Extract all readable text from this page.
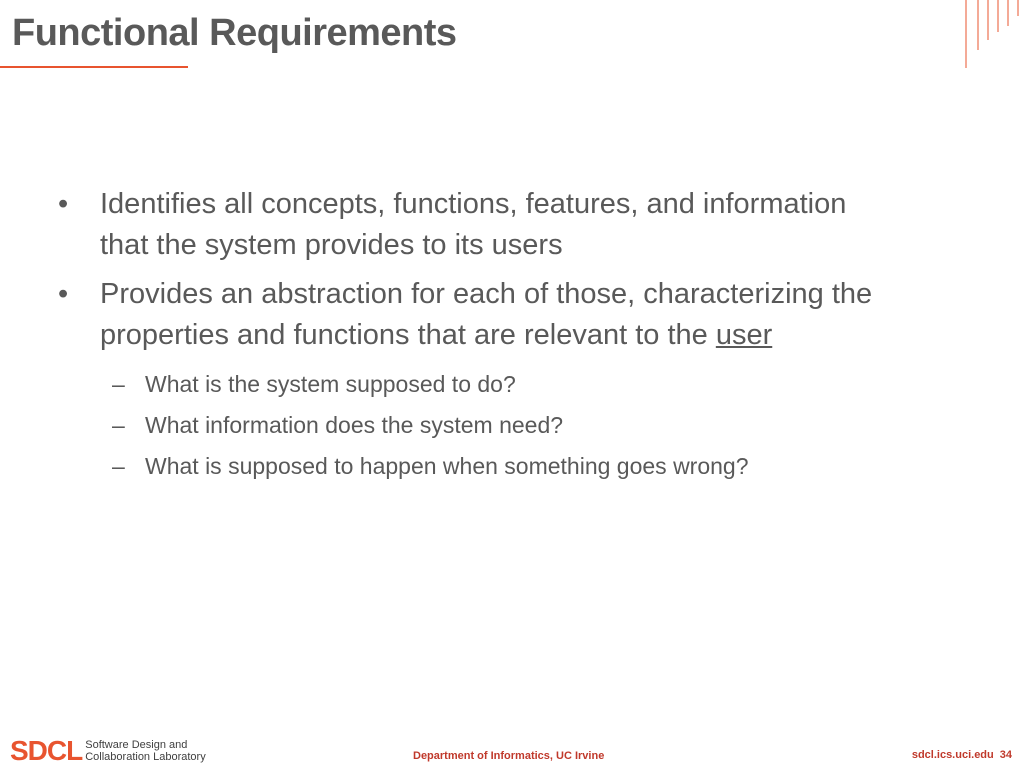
Functional Requirements
• Identifies all concepts, functions, features, and information
that the system provides to its users
• Provides an abstraction for each of those, characterizing the
properties and functions that are relevant to the user
– What is the system supposed to do?
– What information does the system need?
– What is supposed to happen when something goes wrong?
SDCL Software Design and
Collaboration Laboratory	Department of Informatics, UC Irvine	sdcl.ics.uci.edu 34
